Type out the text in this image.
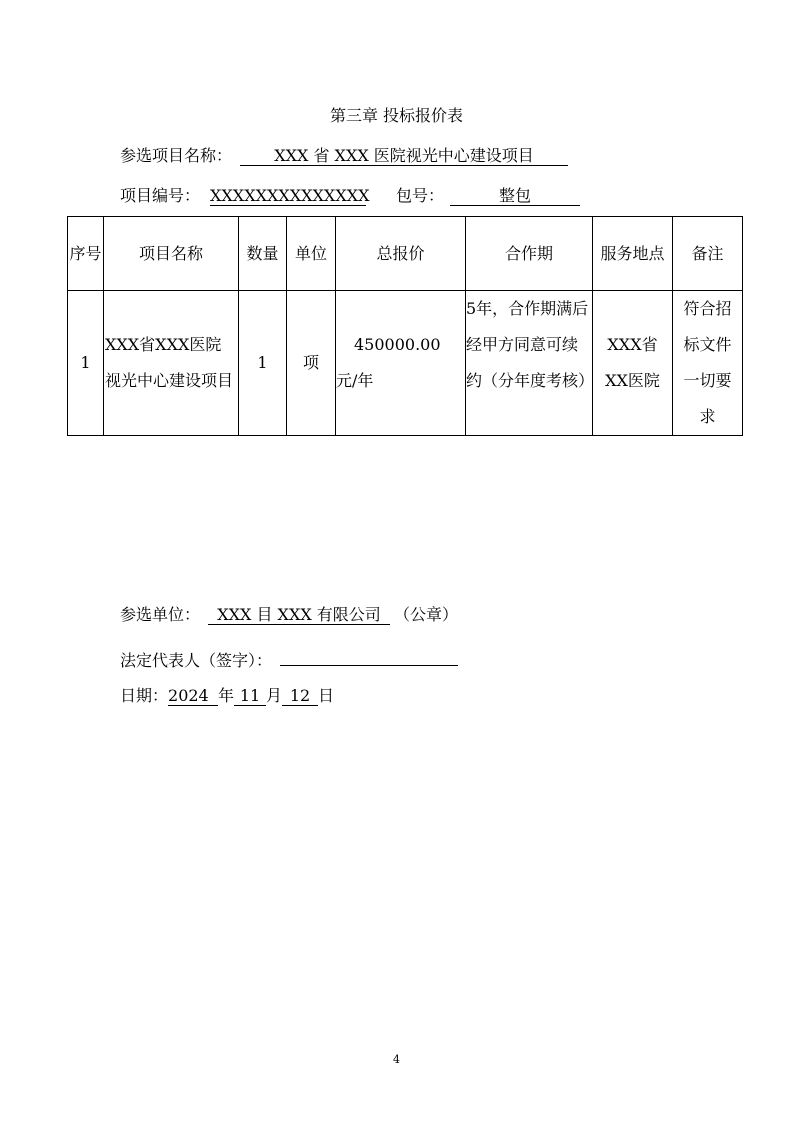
第三章 投标报价表
参选项目名称：	XXX 省 XXX 医院视光中心建设项目
项目编号： XXXXXXXXXXXXXX 包号：	整包
序号	项目名称	数量	单位	总报价	合作期	服务地点	备注
1	XXX省XXX医院视光中心建设项目	1	项	450000.00 元/年	5年，合作期满后经甲方同意可续约（分年度考核）	XXX省XX医院	符合招标文件一切要求
参选单位： XXX 目 XXX 有限公司 （公章）
法定代表人（签字）：
日期：2024 年 11 月 12 日
4
